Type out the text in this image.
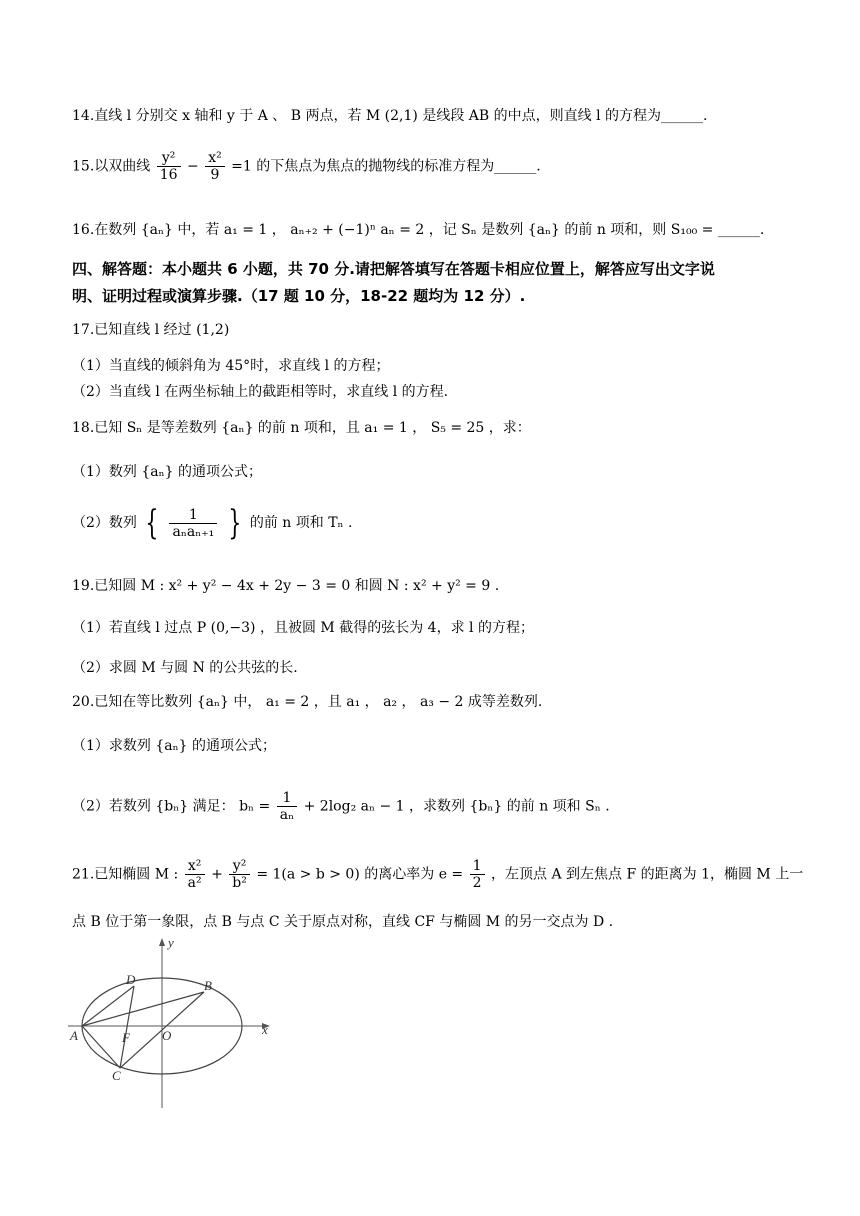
14.直线 l 分别交 x 轴和 y 于 A 、 B 两点，若 M (2,1) 是线段 AB 的中点，则直线 l 的方程为______.
15.以双曲线 $\frac{\text{y²}}{16} - \frac{\text{x²}}{9} =1$ 的下焦点为焦点的抛物线的标准方程为______.
16.在数列 {aₙ} 中，若 a₁ = 1 ， aₙ₊₂ + (−1)ⁿ aₙ = 2 ，记 Sₙ 是数列 {aₙ} 的前 n 项和，则 S₁₀₀ = ______.
四、解答题：本小题共 6 小题，共 70 分.请把解答填写在答题卡相应位置上，解答应写出文字说
明、证明过程或演算步骤.（17 题 10 分，18-22 题均为 12 分）.
17.已知直线 l 经过 (1,2)
（1）当直线的倾斜角为 45°时，求直线 l 的方程；
（2）当直线 l 在两坐标轴上的截距相等时，求直线 l 的方程.
18.已知 Sₙ 是等差数列 {aₙ} 的前 n 项和，且 a₁ = 1 ， S₅ = 25 ，求：
（1）数列 {aₙ} 的通项公式；
（2）数列 { $\frac{1}{\text{aₙaₙ₊₁}}$ } 的前 n 项和 Tₙ .
19.已知圆 M : x² + y² − 4x + 2y − 3 = 0 和圆 N : x² + y² = 9 .
（1）若直线 l 过点 P (0,−3) ，且被圆 M 截得的弦长为 4，求 l 的方程；
（2）求圆 M 与圆 N 的公共弦的长.
20.已知在等比数列 {aₙ} 中， a₁ = 2 ，且 a₁ ， a₂ ， a₃ − 2 成等差数列.
（1）求数列 {aₙ} 的通项公式；
（2）若数列 {bₙ} 满足： $b_n = \frac{1}{\text{aₙ}} + 2\log_2$ aₙ − 1 ，求数列 {bₙ} 的前 n 项和 Sₙ .
21.已知椭圆 M : $\frac{\text{x²}}{\text{a²}} + \frac{\text{y²}}{\text{b²}} = 1(a > b > 0)$ 的离心率为 $e = \frac{1}{2}$ ，左顶点 A 到左焦点 F 的距离为 1，椭圆 M 上一
点 B 位于第一象限，点 B 与点 C 关于原点对称，直线 CF 与椭圆 M 的另一交点为 D .
y
x
D	B
A	F O
C
